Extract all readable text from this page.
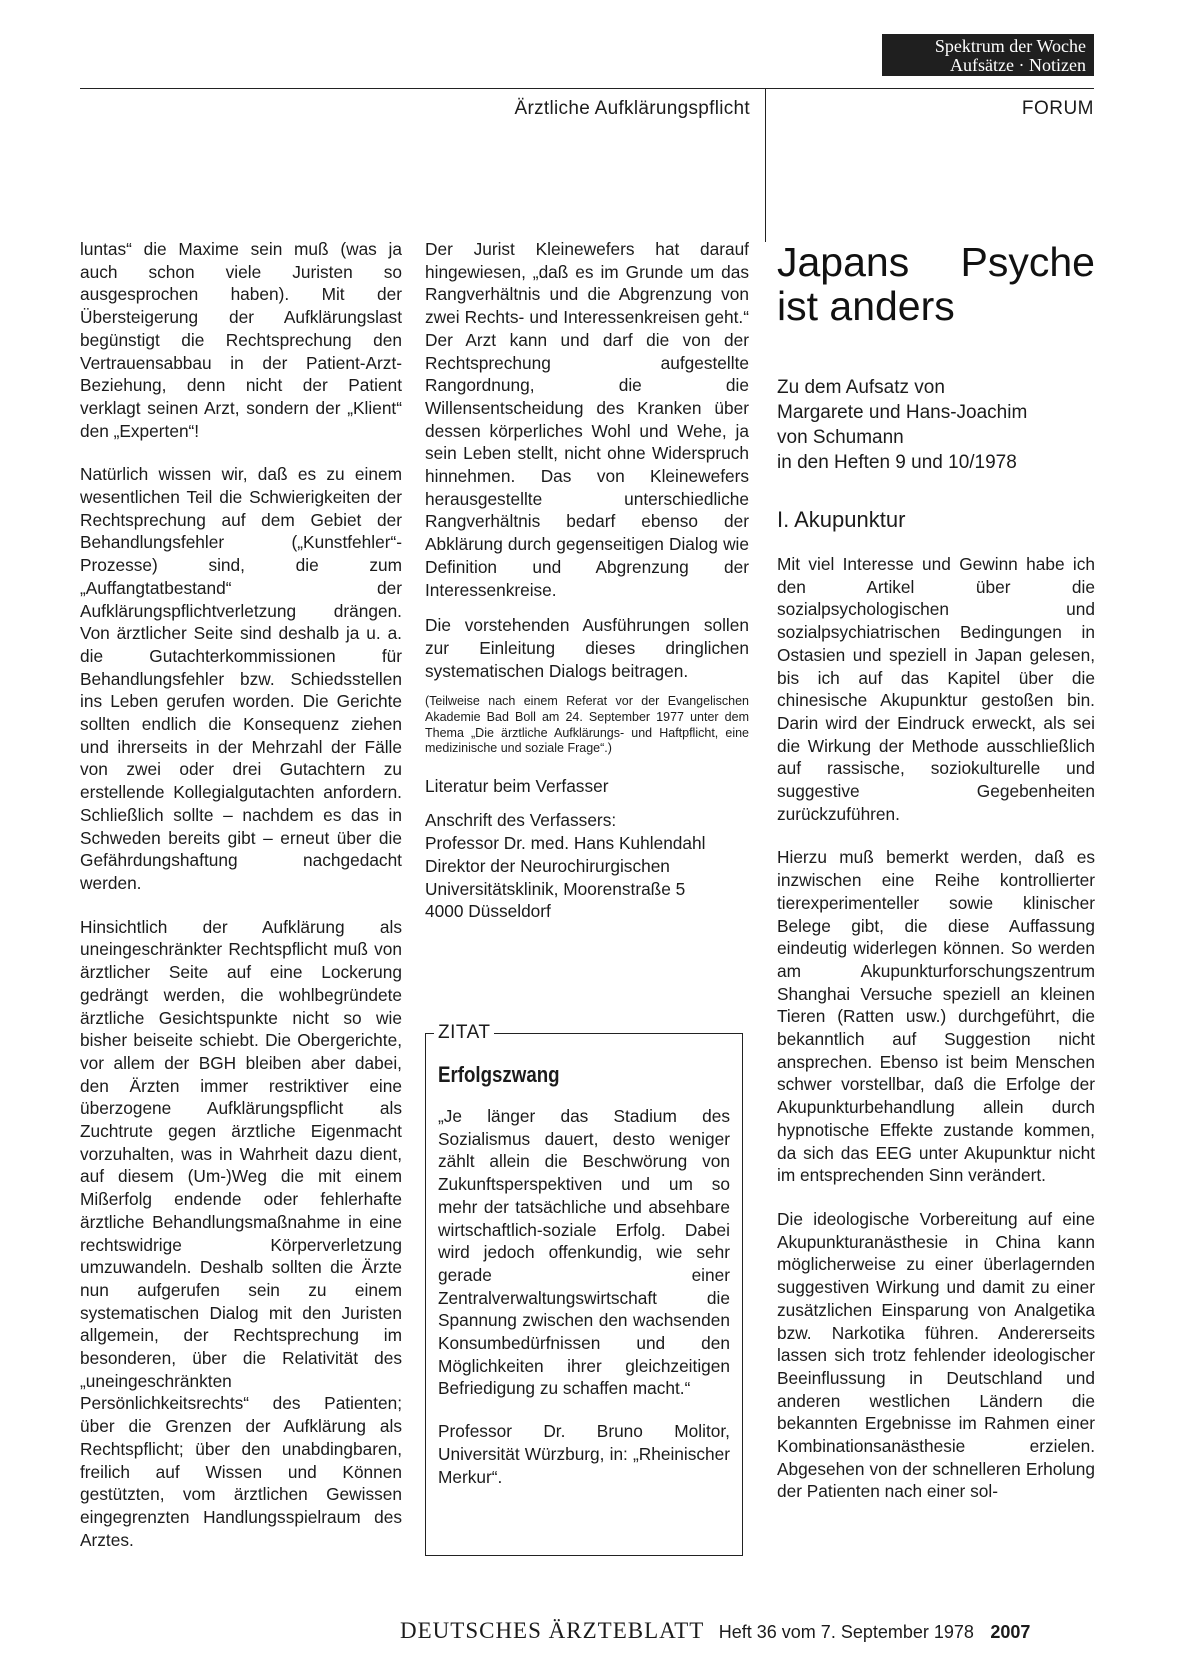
Spektrum der Woche
Aufsätze · Notizen
Ärztliche Aufklärungspflicht	FORUM

luntas“ die Maxime sein muß (was ja auch schon viele Juristen so ausgesprochen haben). Mit der Übersteigerung der Aufklärungslast begünstigt die Rechtsprechung den Vertrauensabbau in der Patient-Arzt-Beziehung, denn nicht der Patient verklagt seinen Arzt, sondern der „Klient“ den „Experten“!

Natürlich wissen wir, daß es zu einem wesentlichen Teil die Schwierigkeiten der Rechtsprechung auf dem Gebiet der Behandlungsfehler („Kunstfehler“-Prozesse) sind, die zum „Auffangtatbestand“ der Aufklärungspflichtverletzung drängen. Von ärztlicher Seite sind deshalb ja u. a. die Gutachterkommissionen für Behandlungsfehler bzw. Schiedsstellen ins Leben gerufen worden. Die Gerichte sollten endlich die Konsequenz ziehen und ihrerseits in der Mehrzahl der Fälle von zwei oder drei Gutachtern zu erstellende Kollegialgutachten anfordern. Schließlich sollte – nachdem es das in Schweden bereits gibt – erneut über die Gefährdungshaftung nachgedacht werden.

Hinsichtlich der Aufklärung als uneingeschränkter Rechtspflicht muß von ärztlicher Seite auf eine Lockerung gedrängt werden, die wohlbegründete ärztliche Gesichtspunkte nicht so wie bisher beiseite schiebt. Die Obergerichte, vor allem der BGH bleiben aber dabei, den Ärzten immer restriktiver eine überzogene Aufklärungspflicht als Zuchtrute gegen ärztliche Eigenmacht vorzuhalten, was in Wahrheit dazu dient, auf diesem (Um-)Weg die mit einem Mißerfolg endende oder fehlerhafte ärztliche Behandlungsmaßnahme in eine rechtswidrige Körperverletzung umzuwandeln. Deshalb sollten die Ärzte nun aufgerufen sein zu einem systematischen Dialog mit den Juristen allgemein, der Rechtsprechung im besonderen, über die Relativität des „uneingeschränkten Persönlichkeitsrechts“ des Patienten; über die Grenzen der Aufklärung als Rechtspflicht; über den unabdingbaren, freilich auf Wissen und Können gestützten, vom ärztlichen Gewissen eingegrenzten Handlungsspielraum des Arztes.

Der Jurist Kleinewefers hat darauf hingewiesen, „daß es im Grunde um das Rangverhältnis und die Abgrenzung von zwei Rechts- und Interessenkreisen geht.“ Der Arzt kann und darf die von der Rechtsprechung aufgestellte Rangordnung, die die Willensentscheidung des Kranken über dessen körperliches Wohl und Wehe, ja sein Leben stellt, nicht ohne Widerspruch hinnehmen. Das von Kleinewefers herausgestellte unterschiedliche Rangverhältnis bedarf ebenso der Abklärung durch gegenseitigen Dialog wie Definition und Abgrenzung der Interessenkreise.

Die vorstehenden Ausführungen sollen zur Einleitung dieses dringlichen systematischen Dialogs beitragen.

(Teilweise nach einem Referat vor der Evangelischen Akademie Bad Boll am 24. September 1977 unter dem Thema „Die ärztliche Aufklärungs- und Haftpflicht, eine medizinische und soziale Frage“.)

Literatur beim Verfasser

Anschrift des Verfassers:
Professor Dr. med. Hans Kuhlendahl
Direktor der Neurochirurgischen
Universitätsklinik, Moorenstraße 5
4000 Düsseldorf
ZITAT
Erfolgszwang
„Je länger das Stadium des Sozialismus dauert, desto weniger zählt allein die Beschwörung von Zukunftsperspektiven und um so mehr der tatsächliche und absehbare wirtschaftlich-soziale Erfolg. Dabei wird jedoch offenkundig, wie sehr gerade einer Zentralverwaltungswirtschaft die Spannung zwischen den wachsenden Konsumbedürfnissen und den Möglichkeiten ihrer gleichzeitigen Befriedigung zu schaffen macht.“
Professor Dr. Bruno Molitor, Universität Würzburg, in: „Rheinischer Merkur“.
Japans Psyche ist anders
Zu dem Aufsatz von
Margarete und Hans-Joachim
von Schumann
in den Heften 9 und 10/1978
I. Akupunktur

Mit viel Interesse und Gewinn habe ich den Artikel über die sozialpsychologischen und sozialpsychiatrischen Bedingungen in Ostasien und speziell in Japan gelesen, bis ich auf das Kapitel über die chinesische Akupunktur gestoßen bin. Darin wird der Eindruck erweckt, als sei die Wirkung der Methode ausschließlich auf rassische, soziokulturelle und suggestive Gegebenheiten zurückzuführen.

Hierzu muß bemerkt werden, daß es inzwischen eine Reihe kontrollierter tierexperimenteller sowie klinischer Belege gibt, die diese Auffassung eindeutig widerlegen können. So werden am Akupunkturforschungszentrum Shanghai Versuche speziell an kleinen Tieren (Ratten usw.) durchgeführt, die bekanntlich auf Suggestion nicht ansprechen. Ebenso ist beim Menschen schwer vorstellbar, daß die Erfolge der Akupunkturbehandlung allein durch hypnotische Effekte zustande kommen, da sich das EEG unter Akupunktur nicht im entsprechenden Sinn verändert.

Die ideologische Vorbereitung auf eine Akupunkturanästhesie in China kann möglicherweise zu einer überlagernden suggestiven Wirkung und damit zu einer zusätzlichen Einsparung von Analgetika bzw. Narkotika führen. Andererseits lassen sich trotz fehlender ideologischer Beeinflussung in Deutschland und anderen westlichen Ländern die bekannten Ergebnisse im Rahmen einer Kombinationsanästhesie erzielen. Abgesehen von der schnelleren Erholung der Patienten nach einer sol-

DEUTSCHES ÄRZTEBLATT Heft 36 vom 7. September 1978 2007
